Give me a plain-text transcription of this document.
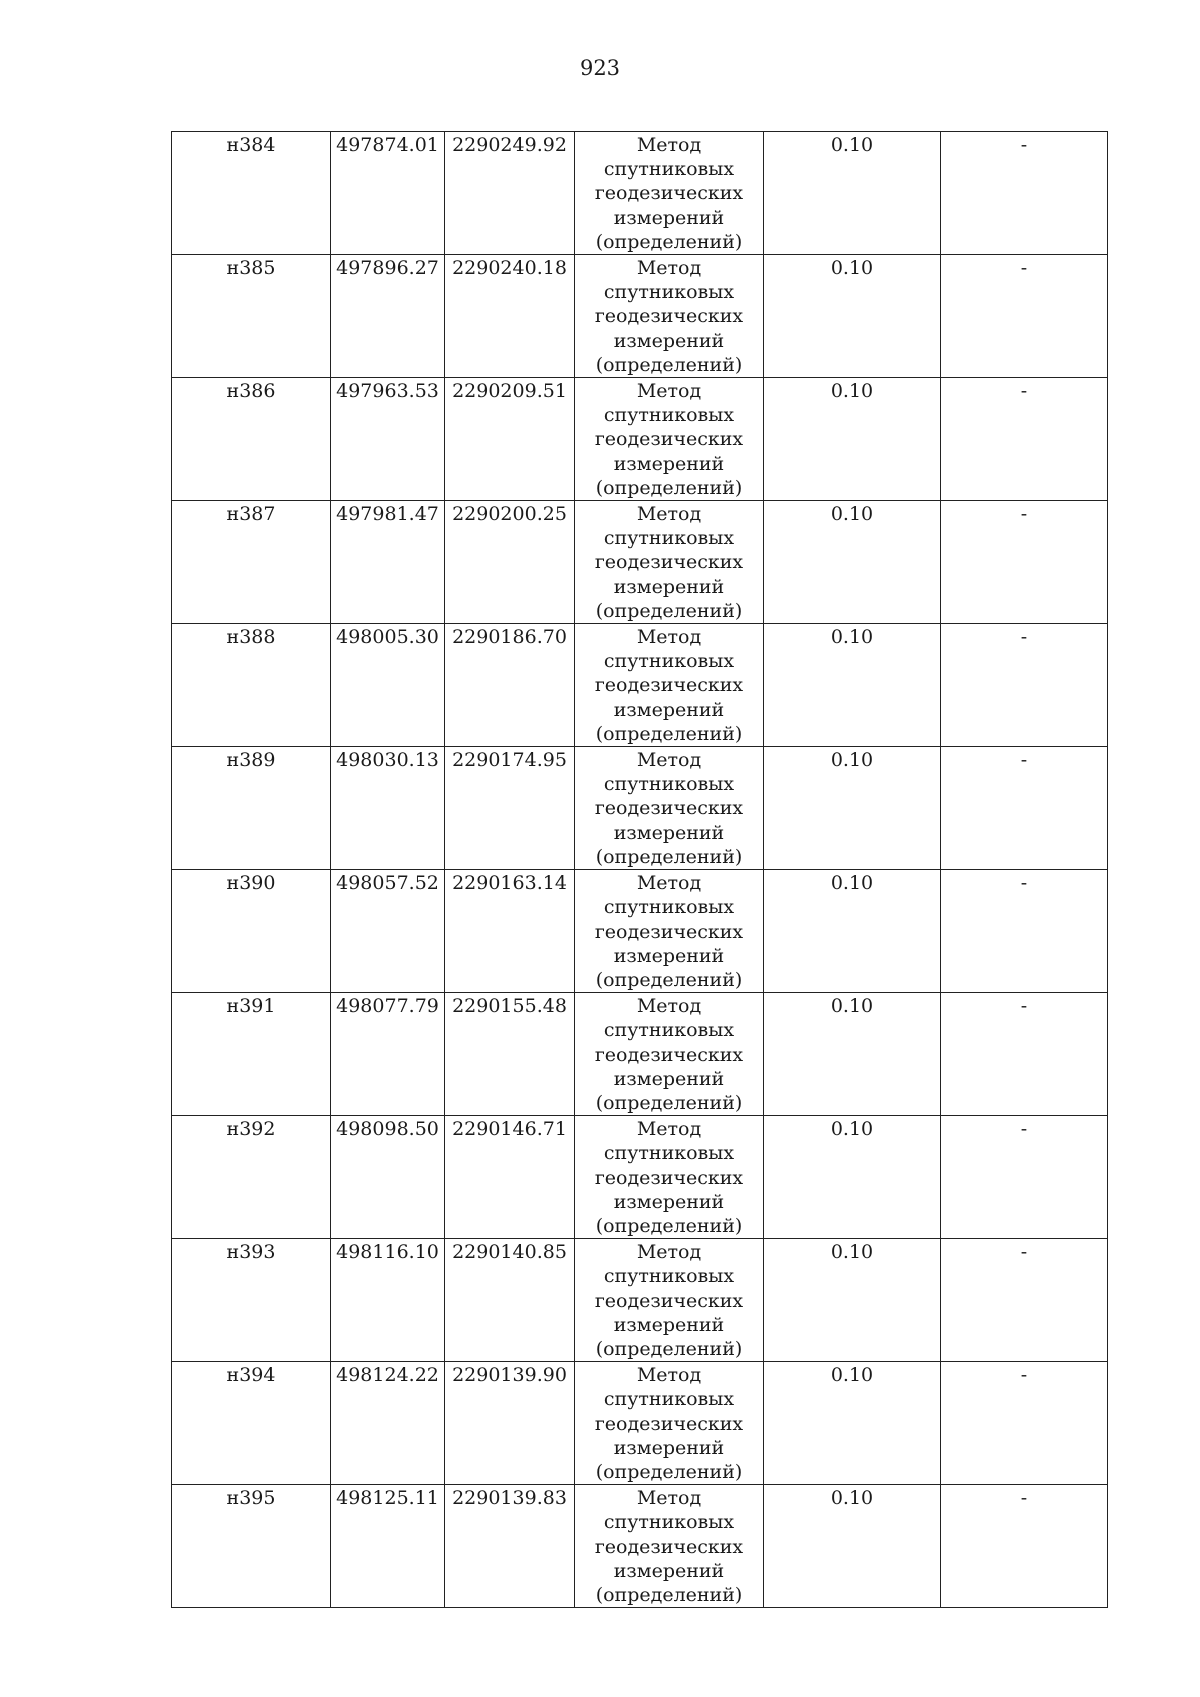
923
н384	497874.01	2290249.92	Метод спутниковых геодезических измерений (определений)	0.10	-
н385	497896.27	2290240.18	Метод спутниковых геодезических измерений (определений)	0.10	-
н386	497963.53	2290209.51	Метод спутниковых геодезических измерений (определений)	0.10	-
н387	497981.47	2290200.25	Метод спутниковых геодезических измерений (определений)	0.10	-
н388	498005.30	2290186.70	Метод спутниковых геодезических измерений (определений)	0.10	-
н389	498030.13	2290174.95	Метод спутниковых геодезических измерений (определений)	0.10	-
н390	498057.52	2290163.14	Метод спутниковых геодезических измерений (определений)	0.10	-
н391	498077.79	2290155.48	Метод спутниковых геодезических измерений (определений)	0.10	-
н392	498098.50	2290146.71	Метод спутниковых геодезических измерений (определений)	0.10	-
н393	498116.10	2290140.85	Метод спутниковых геодезических измерений (определений)	0.10	-
н394	498124.22	2290139.90	Метод спутниковых геодезических измерений (определений)	0.10	-
н395	498125.11	2290139.83	Метод спутниковых геодезических измерений (определений)	0.10	-
